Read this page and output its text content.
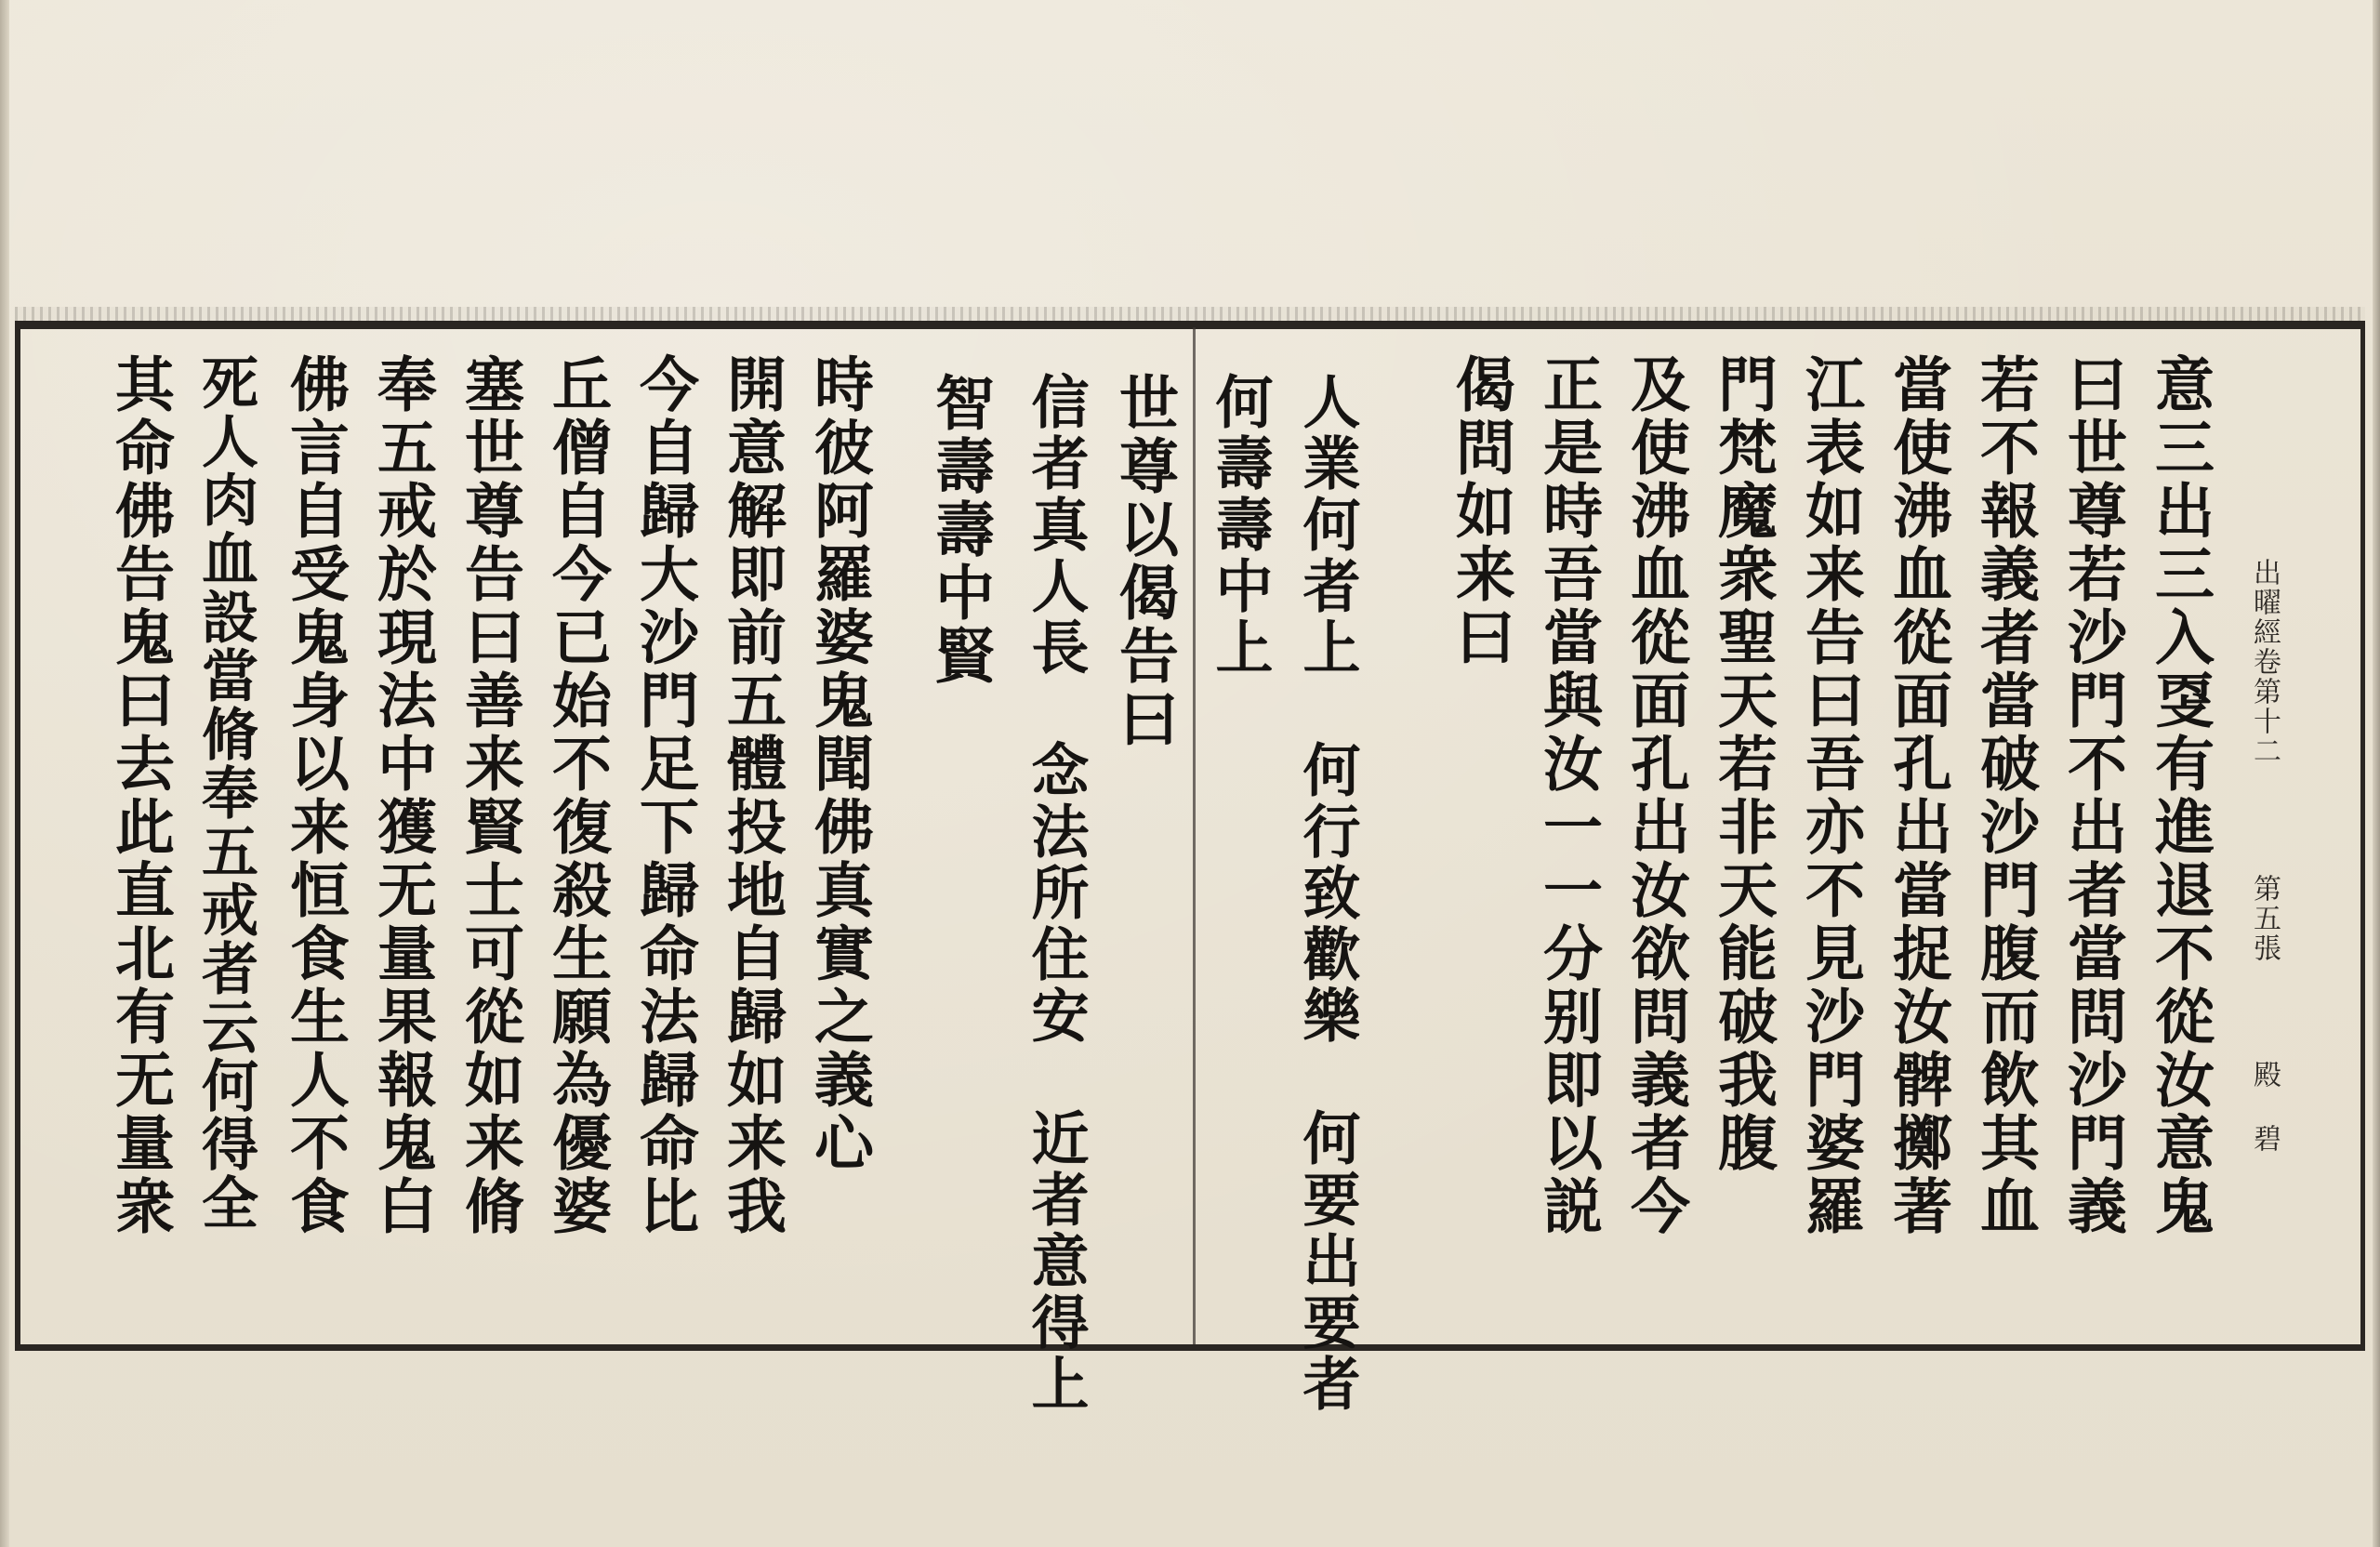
出曜經卷第十二
第五張
殿 碧
意三出三入㪅有進退不從汝意鬼
曰世尊若沙門不出者當問沙門義
若不報義者當破沙門腹而飲其血
當使沸血從面孔出當捉汝髀擲著
江表如来告曰吾亦不見沙門婆羅
門梵魔衆聖天若非天能破我腹
及使沸血從面孔出汝欲問義者今
正是時吾當與汝一一分别即以説
偈問如来曰
人業何者上　何行致歡樂　何要出要者
何壽壽中上
世尊以偈告曰
信者真人長　念法所住安　近者意得上
智壽壽中賢
時彼阿羅婆鬼聞佛真實之義心
開意解即前五體投地自歸如来我
今自歸大沙門足下歸命法歸命比
丘僧自今已始不復殺生願為優婆
塞世尊告曰善来賢士可從如来脩
奉五戒於現法中獲无量果報鬼白
佛言自受鬼身以来恒食生人不食
死人肉血設當脩奉五戒者云何得全
其命佛告鬼曰去此直北有无量衆
